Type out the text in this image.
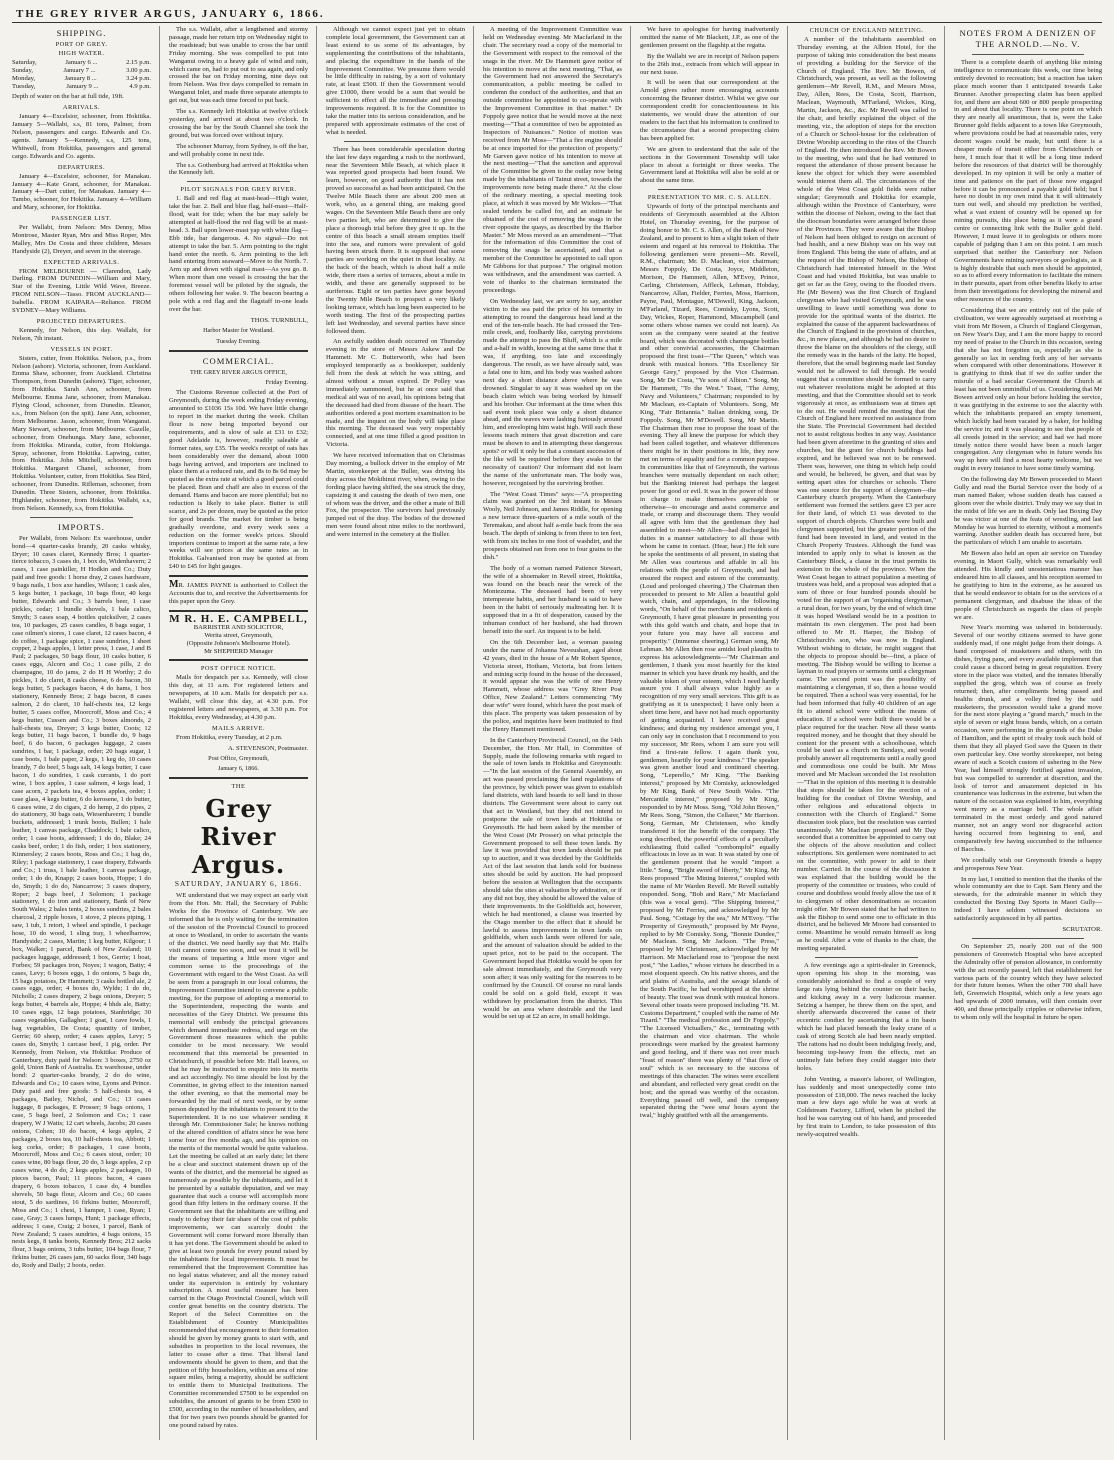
THE GREY RIVER ARGUS, JANUARY 6, 1866.
SHIPPING.
PORT OF GREY.
HIGH WATER.
Saturday,	January 6 ...	2.15 p.m.
Sunday,	January 7 ...	3.00 p.m.
Monday,	January 8 ...	3.24 p.m.
Tuesday,	January 9 ...	4.9 p.m.

Depth of water on the bar at full tide, 19ft.

ARRIVALS.

January 4—Excelsior, schooner, from Hokitika. January 5—Wallabi, s.s, 81 tons, Palmer, from Nelson, passengers and cargo. Edwards and Co. agents. January 5—Kennedy, s.s, 125 tons, Whitwell, from Hokitika, passengers and general cargo. Edwards and Co. agents.

DEPARTURES.

January 4—Excelsior, schooner, for Manakau. January 4—Kate Grant, schooner, for Manakau. January 4—Dart cutter, for Manakau. January 4—Tambo, schooner, for Hokitika. January 4—William and Mary, schooner, for Hokitika.

PASSENGER LIST.

Per Wallabi, from Nelson: Mrs Denny, Miss Montrose, Master Ryan, Mrs and Miss Roper, Mrs Malley, Mrs De Costa and three children, Messrs Handyside (2), Dreyer, and seven in the steerage.

EXPECTED ARRIVALS.

FROM MELBOURNE — Clarendon, Lady Darling. FROM DUNEDIN—William and Mary, Star of the Evening, Little Wild Wave, Breeze. FROM NELSON—Tasso. FROM AUCKLAND—Isabella. FROM KAIPARA—Reliance. FROM SYDNEY—Mary Williams.

PROJECTED DEPARTURES.

Kennedy, for Nelson, this day. Wallabi, for Nelson, 7th instant.

VESSELS IN PORT.

Sisters, cutter, from Hokitika. Nelson, p.s., from Nelson (ashore). Victoria, schooner, from Auckland. Emma Shaw, schooner, from Auckland. Christina Thompson, from Dunedin (ashore). Tiger, schooner, from Hokitika. Sarah Ann, schooner, from Melbourne. Emma Jane, schooner, from Manakau. Flying Cloud, schooner, from Dunedin. Eleanor, s.s., from Nelson (on the spit). Jane Ann, schooner, from Melbourne. Jason, schooner, from Wanganui. Mary Stewart, schooner, from Melbourne. Gazelle, schooner, from Onehunga. Mary Jane, schooner, from Hokitika. Miranda, cutter, from Hokianga. Spray, schooner, from Hokitika. Lapwing, cutter, from Hokitika. John Mitchell, schooner, from Hokitika. Margaret Chanel, schooner, from Hokitika. Volunteer, cutter, from Hokitika. Sea Bird, schooner, from Dunedin. Rifleman, schooner, from Dunedin. Three Sisters, schooner, from Hokitika. Highlander, schooner, from Hokitika. Wallabi, s.s, from Nelson. Kennedy, s.s, from Hokitika.

IMPORTS.

Per Wallabi, from Nelson: Ex warehouse, under bond—4 quarter-casks brandy, 20 casks whisky, Dryer; 10 cases claret, Kennedy Bros; 1 quarter-tierce tobacco, 3 cases do, 1 box do, Widenhavern; 2 cases, 1 case painkiller, H Hodkin and Co.; Duty paid and free goods: 1 horse dray, 2 cases hardware, 9 bags nails, 1 box axe handles, Wilson; 1 cask ales, 5 kegs butter, 1 package, 10 bags flour, 40 kegs butter, Edwards and Co.; 3 barrels beer, 1 case pickles, cedar; 1 bundle shovels, 1 bale calico, Smyth; 3 cases soap, 4 bottles quicksilver, 2 cases tea, 10 packages, 25 cases candles, 8 bags sugar, 1 case oilmen's stores, 1 case claret, 12 cases bacon, 4 do coffee, 1 package spice, 1 case sundries, 1 sheet copper, 2 bags apples, 1 letter press, 1 case, J and B Paul; 2 packages, 50 bags flour, 10 casks butter, 6 cases eggs, Alcorn and Co.; 1 case pills, 2 do champagne, 10 do jams, 2 do H H Worthy; 2 do pickles, 1 do claret, 8 casks cheese, 6 do bacon, 30 kegs butter, 5 packages bacon, 4 do hams, 1 box stationery, Kennedy Bros; 2 bags bacon, 8 cases salmon, 2 do claret, 10 half-chests tea, 12 kegs butter, 5 cases coffee, Moorcroff, Moss and Co.; 4 kegs butter, Cussen and Co.; 3 boxes almonds, 2 half-chests tea, Dreyer; 3 kegs butter, Coots; 12 kegs butter, 11 bags bacon, 1 bundle do, 9 bags beef, 6 do bacon, 6 packages luggage, 2 cases sundries, 1 bar, 1 package, order; 20 bags sugar, 1 case boots, 1 bale paper, 2 kegs, 1 keg do, 10 cases brandy, 7 do beef, 5 bags salt, 14 kegs butter, 1 case bacon, 1 do sundries, 1 cask currants, 1 do port wine, 1 box apples, 1 case salmon, 4 kegs lead, 1 case acorn, 2 packets tea, 4 boxes apples, order; 1 case glass, 4 kegs butter, 6 do kerosene, 1 do butter, 6 cases wine, 2 do cigars, 2 do hemp, 2 do pipes, 2 do stationery, 30 bags oats, Wiesenhavern; 1 bundle buckets, addressed; 1 trunk boots, Bullen; 1 bale leather, 1 canvas package, Chaddock; 1 bale calico, order; 1 case boots, addressed; 1 do do, Blake; 24 casks beef, order; 1 do fish, order; 1 box stationery, Kinnersley; 2 cases boots, Ross and Co.; 1 bag do, Riley; 1 package stationery, 1 case drapery, Edwards and Co.; 1 truss, 1 bale leather, 1 canvas package, order; 1 do do, Knapp; 2 cases boots, Hoppe; 1 do do, Smyth; 1 do do, Nancarrow; 3 cases drapery, Roper; 2 bags beef, J Solomon; 1 package stationery, 1 do iron and stationery, Bank of New South Wales; 2 bales tents, 2 boxes sundries, 2 bales charcoal, 2 ripple boxes, 1 stove, 2 pieces piping, 1 saw, 1 tub, 1 retort, 1 wheel and spindle, 1 package hose, 10 do wood, 1 sling tray, 1 wheelbarrow, Handyside; 2 cases, Martin; 1 keg butter, Kilgour; 1 box, Walker; 1 parcel, Bank of New Zealand; 10 packages luggage, addressed; 1 box, Gerrie; 1 boat, Forbes; 59 packages iron, Noyes; 1 wagon, Batty; 4 cases, Levy; 6 boxes eggs, 1 do onions, 5 bags do, 15 bags potatoes, Dr Hammett; 3 casks bottled ale, 2 cases eggs, order; 4 boxes do, Wylde; 1 do do, Nicholls; 2 cases drapery, 2 bags onions, Dreyer; 5 kegs butter, 4 barrels ale, Hoppe; 4 bhds ale, Batty; 10 cases eggs, 12 bags potatoes, Stanbridge; 30 cases vegetables, Gallagher; 1 goat, 1 cave fowls, 1 bag vegetables, De Costa; quantity of timber, Gerrie; 60 sheep, order; 4 cases apples, Levy; 5 cases do, Smyth; 1 carcase beef, 1 pig, order. Per Kennedy, from Nelson, via Hokitika: Produce of Canterbury, duty paid for Nelson: 3 boxes, 2750 oz gold, Union Bank of Australia. Ex warehouse, under bond: 2 quarter-casks brandy, 2 do do wine, Edwards and Co.; 10 cases wine, Lyons and Prince. Duty paid and free goods: 5 half-chests tea, 4 packages, Bailey, Nichol, and Co.; 13 cases luggage, 8 packages, E Prosser; 9 bags onions, 1 case, 5 bags beef, 2 Solomon and Co.; 1 case drapery, W J Watts; 12 cart wheels, Jacobs; 20 cases onions, Cohen; 10 do bacon, 4 kegs apples, 2 packages, 2 boxes tea, 10 half-chests tea, Abbott; 1 keg corks, order; 8 packages, 1 case boots, Moorcroff, Moss and Co.; 6 cases stout, order; 10 cases wine, 80 bags flour, 20 do, 3 kegs apples, 2 cp cases wine, 4 do do, 2 kegs apples, 2 packages, 10 pieces bacon, Paul; 11 pieces bacon, 4 cases drapery, 6 boxes tobacco, 1 case do, 4 bundles shovels, 50 bags flour, Alcorn and Co.; 60 cases stout, 5 do sardines, 16 firkins butter, Moorcroff, Moss and Co.; 1 chest, 1 hamper, 1 case, Ryan; 1 case, Gray; 3 cases lumps, Hunt; 1 package effects, address; 1 case, Craig; 2 boxes, 1 parcel, Bank of New Zealand; 5 cases sundries, 4 bags onions, 15 nests kegs, 8 tanks boots, Kennedy Bros; 212 sacks flour, 3 bags onions, 3 tubs butter, 104 bags flour, 7 firkins butter, 26 cases jam, 60 sacks flour, 340 bags do, Rody and Daily; 2 boots, order.

The s.s. Wallabi, after a lengthened and stormy passage, made her return trip on Wednesday night to the roadstead; but was unable to cross the bar until Friday morning. She was compelled to put into Wanganui owing to a heavy gale of wind and rain, which came on, had to put out to sea again, and only crossed the bar on Friday morning, nine days out from Nelson. Was five days compelled to remain in Wanganui Inlet, and made three separate attempts to get out, but was each time forced to put back.

The s.s. Kennedy left Hokitika at twelve o'clock yesterday, and arrived at about two o'clock. In crossing the bar by the South Channel she took the ground, but was forced over without injury.

The schooner Murray, from Sydney, is off the bar, and will probably come in next tide.

The s.s. Gothenburg had arrived at Hokitika when the Kennedy left.

PILOT SIGNALS FOR GREY RIVER.

1. Ball and red flag at mast-head—High water, take the bar. 2. Ball and blue flag, half-mast—Half-flood, wait for tide; when the bar may safely be attempted at half-flood the red flag will be at mast-head. 3. Ball upon lower-mast yap with white flag—Ebb tide, bar dangerous. 4. No signal—Do not attempt to take the bar. 5. Arm pointing to the right hand enter the north. 6. Arm pointing to the left hand entering from seaward—Move to the North. 7. Arm up and down with signal mast—As you go. 8. When more than one vessel is crossing the bar the foremost vessel will be piloted by the signals, the others following her wake. 9. The beacon bearing a pole with a red flag and the flagstaff in-one leads over the bar.

THOS. TURNBULL,
Harbor Master for Westland.
Tuesday Evening.
COMMERCIAL.
THE GREY RIVER ARGUS OFFICE,
Friday Evening.

The Customs Revenue collected at the Port of Greymouth, during the week ending Friday evening, amounted to £1036 15s 10d. We have little change to report in the market during the week. Chilian flour is now being imported beyond our requirements, and is slow of sale at £31 to £32; good Adelaide is, however, readily saleable at former rates, say £35. The week's receipt of oats has been considerably over the demand, about 1000 bags having arrived, and importers are inclined to place them at a reduced rate, and 8s to 8s 6d may be quoted as the extra rate at which a good parcel could be placed. Bran and chaff are also in excess of the demand. Hams and bacon are more plentiful; but no reduction is likely to take place. Butter is still scarce, and 2s per dozen, may be quoted as the price for good brands. The market for timber is being gradually overdone, and every week sees a reduction on the former week's prices. Should importers continue to import at the same rate, a few weeks will see prices at the same rates as in Hokitika. Galvanised iron may be quoted at from £40 to £45 for light gauges.

MR. JAMES PAYNE is authorised to Collect the Accounts due to, and receive the Advertisements for this paper upon the Grey.

M R. H. E. CAMPBELL,
BARRISTER AND SOLICITOR,
Werita street, Greymouth,
(Opposite Johnson's Melbourne Hotel).
Mr SHEPHERD Manager
POST OFFICE NOTICE.

Mails for despatch per s.s. Kennedy, will close this day, at 11 a.m. For registered letters and newspapers, at 10 a.m. Mails for despatch per s.s. Wallabi, will close this day, at 4.30 p.m. For registered letters and newspapers, at 3.30 p.m. For Hokitika, every Wednesday, at 4.30 p.m.

MAILS ARRIVE.

From Hokitika, every Tuesday, at 2 p.m.

A. STEVENSON, Postmaster.
Post Office, Greymouth,
January 6, 1866.
THE
Grey River Argus.
SATURDAY, JANUARY 6, 1866.

WE understand that we may expect an early visit from the Hon. Mr. Hall, the Secretary of Public Works for the Province of Canterbury. We are informed that he is only waiting for the termination of the session of the Provincial Council to proceed at once to Westland, in order to ascertain the wants of the district. We need hardly say that Mr. Hall's visit cannot come too soon, and we trust it will be the means of imparting a little more vigor and common sense to the proceedings of the Government with regard to the West Coast. As will be seen from a paragraph in our local columns, the Improvement Committee intend to convene a public meeting, for the purpose of adopting a memorial to the Superintendent, respecting the wants and necessities of the Grey District. We presume this memorial will embody the principal grievances which demand immediate redress, and urge on the Government those measures which the public consider to be most necessary. We would recommend that this memorial be presented in Christchurch, if possible before Mr. Hall leaves, so that he may be instructed to enquire into its merits and act accordingly. No time should be lost by the Committee, in giving effect to the intention named the other evening, so that the memorial may be forwarded by the mail of next week, or by some person deputed by the inhabitants to present it to the Superintendent. It is no use whatever sending it through Mr. Commissioner Sale; he knows nothing of the altered condition of affairs since he was here some four or five months ago, and his opinion on the merits of the memorial would be quite valueless. Let the meeting be called at an early date; let there be a clear and succinct statement drawn up of the wants of the district, and the memorial be signed as numerously as possible by the inhabitants, and let it be presented by a suitable deputation, and we may guarantee that such a course will accomplish more good than fifty letters in the ordinary course. If the Government see that the inhabitants are willing and ready to defray their fair share of the cost of public improvements, we can scarcely doubt the Government will come forward more liberally than it has yet done. The Government should be asked to give at least two pounds for every pound raised by the inhabitants for local improvements. It must be remembered that the Improvement Committee has no legal status whatever, and all the money raised under its supervision is entirely by voluntary subscription. A most useful measure has been carried in the Otago Provincial Council, which will confer great benefits on the country districts. The Report of the Select Committee on the Establishment of Country Municipalities recommended that encouragement to their formation should be given by money grants to start with, and subsidies in proportion to the local revenues, the latter to cease after a time. That liberal land endowments should be given to them, and that the petition of fifty householders, within an area of nine square miles, being a majority, should be sufficient to entitle them to Municipal Institutions. The Committee recommended £7500 to be expended on subsidies, the amount of grants to be from £500 to £500, according to the number of householders, and that for two years two pounds should be granted for one pound raised by rates.

Although we cannot expect just yet to obtain complete local government, the Government can at least extend to us some of its advantages, by supplementing the contributions of the inhabitants, and placing the expenditure in the hands of the Improvement Committee. We presume there would be little difficulty in raising, by a sort of voluntary rate, at least £500. If then the Government would give £1000, there would be a sum that would be sufficient to effect all the immediate and pressing improvements required. It is for the Committee to take the matter into its serious consideration, and be prepared with approximate estimates of the cost of what is needed.

There has been considerable speculation during the last few days regarding a rush to the northward, near the Seventeen Mile Beach, at which place it was reported good prospects had been found. We learn, however, on good authority that it has not proved so successful as had been anticipated. On the Twelve Mile Beach there are about 200 men at work, who, as a general thing, are making good wages. On the Seventeen Mile Beach there are only two parties left, who are determined to give the place a thorough trial before they give it up. In the centre of this beach a small stream empties itself into the sea, and rumors were prevalent of gold having been struck there. It is supposed that some parties are working on the quiet in that locality. At the back of the beach, which is about half a mile wide, there rises a series of terraces, about a mile in width, and these are generally supposed to be auriferous. Eight or ten parties have gone beyond the Twenty Mile Beach to prospect a very likely looking terrace, which has long been suspected to be worth testing. The first of the prospecting parties left last Wednesday, and several parties have since followed them.

An awfully sudden death occurred on Thursday evening in the store of Messrs Askew and De Hammett. Mr C. Butterworth, who had been employed temporarily as a bookkeeper, suddenly fell from the desk at which he was sitting, and almost without a moan expired. Dr Polley was immediately summoned, but he at once said that medical aid was of no avail, his opinions being that the deceased had died from disease of the heart. The authorities ordered a post mortem examination to be made, and the inquest on the body will take place this morning. The deceased was very respectably connected, and at one time filled a good position in Victoria.

We have received information that on Christmas Day morning, a bullock driver in the employ of Mr Martin, storekeeper at the Buller, was driving his dray across the Mokihinui river, when, owing to the fording place having shifted, the sea struck the dray, capsizing it and causing the death of two men, one of whom was the driver, and the other a mate of Bill Fox, the prospector. The survivors had previously jumped out of the dray. The bodies of the drowned men were found about nine miles to the northward, and were interred in the cemetery at the Buller.

A meeting of the Improvement Committee was held on Wednesday evening. Mr Macfarland in the chair. The secretary read a copy of the memorial to the Government with respect to the removal of the snags in the river. Mr De Hammett gave notice of his intention to move at the next meeting, "That, as the Government had not answered the Secretary's communication, a public meeting be called to condemn the conduct of the authorities, and that an outside committee be appointed to co-operate with the Improvement Committee in that matter." Dr Foppoly gave notice that he would move at the next meeting—"That a committee of two be appointed as Inspectors of Nuisances." Notice of motion was received from Mr Moss—"That a fire engine should be at once imported for the protection of property." Mr Garven gave notice of his intention to move at the next meeting—"That the sanction and approval of the Committee be given to the outlay now being made by the inhabitants of Tainui street, towards the improvements now being made there." At the close of the ordinary meeting, a special meeting took place, at which it was moved by Mr Wickes—"That sealed tenders be called for, and an estimate be obtained of the cost of removing the snags in the river opposite the quays, as described by the Harbor Master." Mr Moss moved as an amendment—"That for the information of this Committee the cost of removing the snags be ascertained, and that a member of the Committee be appointed to call upon Mr Gibbons for that purpose." The original motion was withdrawn, and the amendment was carried. A vote of thanks to the chairman terminated the proceedings.

On Wednesday last, we are sorry to say, another victim to the sea paid the price of his temerity in attempting to round the dangerous head land at the end of the ten-mile beach. He had crossed the Ten-mile creek, and, foolhardy like, carrying provisions made the attempt to pass the Bluff, which is a mile and a-half in width, knowing at the same time that it was, if anything, too late and exceedingly dangerous. The result, as we have already said, was a fatal one to him, and his body was washed ashore next day a short distance above where he was drowned. Singular to say it was washed up on the beach claim which was being worked by himself and his brother. Our informant at the time when this sad event took place was only a short distance ahead, and the waves were lashing furiously around him, and enveloping him waist high. Will such these lessons teach miners that great discretion and care must be shown to and in attempting these dangerous spots? or will it only be that a constant succession of the like will be required before they awake to the necessity of caution? Our informant did not learn the name of the unfortunate man. The body was, however, recognised by the surviving brother.

The "West Coast Times" says:—"A prospecting claim was granted on the 3rd instant to Messrs Wooly, Neil Johnson, and James Riddle, for opening a new terrace three-quarters of a mile south of the Teremakau, and about half a-mile back from the sea beach. The depth of sinking is from three to ten feet, with from six inches to one foot of washdirt, and the prospects obtained ran from one to four grains to the dish."

The body of a woman named Patience Stewart, the wife of a shoemaker in Revell street, Hokitika, was found on the beach near the wreck of the Montezuma. The deceased had been of very intemperate habits, and her husband is said to have been in the habit of seriously maltreating her. It is supposed that in a fit of desperation, caused by the inhuman conduct of her husband, she had thrown herself into the surf. An inquest is to be held.

On the 6th December last, a woman passing under the name of Johanna Neveushan, aged about 42 years, died in the house of a Mr Robert Spence, Victoria street, Hotham, Victoria, but from letters and mining scrip found in the house of the deceased, it would appear she was the wife of one Henry Hammett, whose address was "Grey River Post Office, New Zealand." Letters commencing "My dear wife" were found, which have the post mark of this place. The property was taken possession of by the police, and inquiries have been instituted to find the Henry Hammett mentioned.

In the Canterbury Provincial Council, on the 14th December, the Hon. Mr Hall, in Committee of Supply, made the following remarks with regard to the sale of town lands in Hokitika and Greymouth:—"In the last session of the General Assembly, an act was passed proclaiming the land regulations of the province, by which power was given to establish land districts, with land boards to sell land in those districts. The Government were about to carry out that act in Westland, but they did not intend to postpone the sale of town lands at Hokitika or Greymouth. He had been asked by the member of the West Coast (Mr Prosser) on what principle the Government proposed to sell these town lands. By law it was provided that town lands should be put up to auction, and it was decided by the Goldfields Act of the last session that lands sold for business sites should be sold by auction. He had proposed before the session at Wellington that the occupants should take the sites at valuation by arbitration, or if any did not buy, they should be allowed the value of their improvements. In the Goldfields act, however, which he had mentioned, a clause was inserted by the Otago member to the effect that it should be lawful to assess improvements in town lands on goldfields, when such lands were offered for sale, and the amount of valuation should be added to the upset price, not to be paid to the occupant. The Government hoped that Hokitika would be open for sale almost immediately, and the Greymouth very soon after; it was only waiting for the reserves to be confirmed by the Council. Of course no rural lands could be sold on a gold field, except it was withdrawn by proclamation from the district. This would be an area where desirable and the land would be set up at £2 an acre, in small holdings.

We have to apologise for having inadvertently omitted the name of Mr Blackett, J.P., as one of the gentlemen present on the flagship at the regatta.

By the Wallabi we are in receipt of Nelson papers to the 26th inst., extracts from which will appear in our next issue.

It will be seen that our correspondent at the Arnold gives rather more encouraging accounts concerning the Brunner district. Whilst we give our correspondent credit for conscientiousness in his statements, we would draw the attention of our readers to the fact that his information is confined to the circumstance that a second prospecting claim has been applied for.

We are given to understand that the sale of the sections in the Government Township will take place in about a fortnight or three weeks. The Government land at Hokitika will also be sold at or about the same time.

PRESENTATION TO MR. C. S. ALLEN.

Upwards of forty of the principal merchants and residents of Greymouth assembled at the Albion Hotel, on Thursday evening, for the purpose of doing honor to Mr. C. S. Allen, of the Bank of New Zealand, and to present to him a slight token of their esteem and regard at his removal to Hokitika. The following gentlemen were present—Mr. Revell, R.M., chairman; Mr. D. Maclean, vice chairman; Messrs Foppoly, De Costa, Joyce, Middleton, Morison, De Hammett, Allen, M'Evoy, Prince, Carling, Christensen, Affleck, Lehman, Hobday, Nancarrow, Allan, Fielder, Ferries, Moss, Harrison, Payne, Paul, Montague, M'Dowell, King, Jackson, M'Farland, Tizard, Rees, Comisky, Lyons, Scott, Day, Wickes, Roper, Hammond, Miscampbell (and some others whose names we could not learn). As soon as the company were seated at the festive board, which was decorated with champagne bottles and other convivial accessories, the Chairman proposed the first toast—"The Queen," which was drunk with musical honors. "His Excellency Sir George Grey," proposed by the Vice Chairman. Song, Mr De Costa, "Ye sons of Albion." Song, Mr De Hammett, "To the West." Toast, "The Army, Navy and Volunteers," Chairman; responded to by Mr Maclean, ex-Captain of Volunteers. Song, Mr King, "Fair Britannia." Italian drinking song, Dr Foppoly. Song, Mr M'Dowell. Song, Mr Martin. The Chairman then rose to propose the toast of the evening. They all knew the purpose for which they had been called together, and whatever differences there might be in their positions in life, they now met on terms of equality and for a common purpose. In communities like that of Greymouth, the various branches were mutually dependant on each other; but the Banking interest had perhaps the largest power for good or evil. It was in the power of those in charge to make themselves agreeable or otherwise—to encourage and assist commerce and trade, or cramp and discourage them. They would all agree with him that the gentleman they had assembled to meet—Mr Allen—had discharged his duties in a manner satisfactory to all those with whom he came in contact. (Hear, hear.) He felt sure he spoke the sentiments of all present, in stating that Mr Allen was courteous and affable in all his relations with the people of Greymouth, and had ensured the respect and esteem of the community. (Loud and prolonged cheering.) The Chairman then proceeded to present to Mr Allen a beautiful gold watch, chain, and appendages, in the following words, "On behalf of the merchants and residents of Greymouth, I have great pleasure in presenting you with this gold watch and chain, and hope that in your future you may have all success and prosperity." (Immense cheering.) German song, Mr Lehman. Mr Allen then rose amidst loud plaudits to express his acknowledgments—"Mr Chairman and gentlemen, I thank you most heartily for the kind manner in which you have drunk my health, and the valuable token of your esteem, which I need hardly assure you I shall always value highly as a recognition of my very small services. This gift is as gratifying as it is unexpected; I have only been a short time here, and have not had much opportunity of getting acquainted. I have received great kindness; and during my residence amongst you, I can only say in conclusion that I recommend to you my successor, Mr Rees, whom I am sure you will find a first-rate fellow. I again thank you, gentlemen, heartily for your kindness." The speaker was given another loud and continued cheering. Song, "Leperello," Mr King. "The Banking interest," proposed by Mr Comisky, acknowledged by Mr King, Bank of New South Wales. "The Mercantile interest," proposed by Mr King, responded to by Mr Moss. Song, "Old John Brown," Mr Rees. Song, "Simon, the Cellarer," Mr Harrison. Song, German, Mr Christensen, who kindly transferred it for the benefit of the company. The song described, the powerful effects of a peculiarly exhilarating fluid called "combompfol" equally efficacious in love as in war. It was stated by one of the gentlemen present that he would "import a little." Song, "Bright sword of liberty," Mr King. Mr Rees proposed "The Mining Interest," coupled with the name of Mr Warden Revell. Mr Revell suitably responded. Song, "Bob and Rare," Mr Macfarland (this was a vocal gem). "The Shipping Interest," proposed by Mr Ferries, and acknowledged by Mr Paul. Song, "Cottage by the sea," Mr M'Evoy. "The Prosperity of Greymouth," proposed by Mr Payne, replied to by Mr Comisky. Song, "Bonnie Dundee," Mr Maclean. Song, Mr Jackson. "The Press," proposed by Mr Christensen, acknowledged by Mr Harrison. Mr Macfarland rose to "propose the next post," "the Ladies," whose virtues he described in a most eloquent speech. On his native shores, and the arid plains of Australia, and the savage islands of the South Pacific, he had worshipped at the shrine of beauty. The toast was drunk with musical honors. Several other toasts were proposed including "H. M. Customs Department," coupled with the name of Mr Tizard." "The medical profession and Dr Foppoly." "The Licensed Victuallers," &c., terminating with the chairman and vice chairman. The whole proceedings were marked by the greatest harmony and good feeling, and if there was not over much "feast of reason" there was plenty of "that flow of soul" which is so necessary to the success of meetings of this character. The wines were excellent and abundant, and reflected very great credit on the host; and the spread was worthy of the occasion. Everything passed off well, and the company separated during the "wee sma' hours ayont the twal," highly gratified with all the arrangements.

CHURCH OF ENGLAND MEETING.

A number of the inhabitants assembled on Thursday evening, at the Albion Hotel, for the purpose of taking into consideration the best means of providing a building for the Service of the Church of England. The Rev. Mr Bowen, of Christchurch, was present, as well as the following gentlemen—Mr Revell, R.M., and Messrs Moss, Day, Allen, Rees, De Costa, Scott, Harrison, Maclean, Waymouth, M'Farland, Wickes, King, Martin, Jackson, &c., &c. Mr Revell was called to the chair, and briefly explained the object of the meeting, viz., the adoption of steps for the erection of a Church or School-house for the celebration of Divine Worship according to the rites of the Church of England. He then introduced the Rev. Mr Bowen to the meeting, who said that he had ventured to request the attendance of those present because he knew the object for which they were assembled would interest them all. The circumstances of the whole of the West Coast gold fields were rather singular; Greymouth and Hokitika for example, although within the Province of Canterbury, were within the diocese of Nelson, owing to the fact that the diocesan boundaries were arranged before those of the Provinces. They were aware that the Bishop of Nelson had been obliged to resign on account of bad health, and a new Bishop was on his way out from England. This being the state of affairs, and at the request of the Bishop of Nelson, the Bishop of Christchurch had interested himself in the West Coast and had visited Hokitika, but was unable to get so far as the Grey, owing to the flooded rivers. He (Mr Bowen) was the first Church of England clergyman who had visited Greymouth, and he was unwilling to leave until something was done to provide for the spiritual wants of the district. He explained the cause of the apparent backwardness of the Church of England in the provision of churches, &c., in new places, and although he had no desire to throw the blame on the shoulders of the clergy, still the remedy was in the hands of the laity. He hoped, therefore, that the small beginning made last Sunday would not be allowed to fall through. He would suggest that a committee should be formed to carry out whatever resolutions might be adopted at this meeting, and that the Committee should set to work vigorously at once, as enthusiasm was at times apt to die out. He would remind the meeting that the Church of England here received no assistance from the State. The Provincial Government had decided not to assist religious bodies in any way. Assistance had been given aforetime in the granting of sites and churches, but the grant for church buildings had expired, and he believed was not to be renewed. There was, however, one thing in which help could and would, he believed, be given, and that was by setting apart sites for churches or schools. There was one source for the support of clergymen—the Canterbury church property. When the Canterbury settlement was formed the settlers gave £3 per acre for their land, of which £1 was devoted to the support of church objects. Churches were built and clergymen supported, but the greater portion of the fund had been invested in land, and vested in the Church Property Trustees. Although the fund was intended to apply only to what is known as the Canterbury Block, a clause in the trust permits its extension to the whole of the province. When the West Coast began to attract population a meeting of trustees was held, and a proposal was adopted that a sum of three or four hundred pounds should be voted for the support of an "organising clergyman," a rural dean, for two years, by the end of which time it was hoped Westland would be in a position to maintain its own clergymen. The post had been offered to Mr H. Harper, the Bishop of Christchurch's son, who was now in England. Without wishing to dictate, he might suggest that the objects to propose should be—first, a place of meeting. The Bishop would be willing to license a layman to read prayers or sermons until a clergyman came. The second point was the possibility of maintaining a clergyman, if so, then a house would be required. Then a school was very essential, for he had been informed that fully 40 children of an age fit to attend school were without the means of education. If a school were built there would be a place required for the teacher. Now all these wants required money, and he thought that they should be content for the present with a schoolhouse, which could be used as a church on Sundays, and would probably answer all requirements until a really good and commodious one could be built. Mr Moss moved and Mr Maclean seconded the 1st resolution—"That in the opinion of this meeting it is desirable that steps should be taken for the erection of a building for the conduct of Divine Worship, and other religious and educational objects in connection with the Church of England." Some discussion took place, but the resolution was carried unanimously. Mr Maclean proposed and Mr Day seconded that a committee be appointed to carry out the objects of the above resolution and collect subscriptions. Six gentlemen were nominated to act on the committee, with power to add to their number. Carried. In the course of the discussion it was explained that the building would be the property of the committee or trustees, who could of course and doubtless would freely allow the use of it to clergymen of other denominations as occasion might offer. Mr Bowen stated that he had written to ask the Bishop to send some one to officiate in this district, and he believed Mr Moore had consented to come. Meantime he would remain himself as long as he could. After a vote of thanks to the chair, the meeting separated.

A few evenings ago a spirit-dealer in Greenock, upon opening his shop in the morning, was considerably astonished to find a couple of very large rats lying behind the counter on their backs, and kicking away in a very ludicrous manner. Seizing a hamper, he threw them on the spot, and shortly afterwards discovered the cause of their eccentric conduct by ascertaining that a tin basin which he had placed beneath the leaky crane of a cask of strong Scotch ale had been nearly emptied. The rattons had no doubt been indulging freely, and, becoming top-heavy from the effects, met an untimely fate before they could stagger into their holes.

John Venting, a mason's laborer, of Wellington, has suddenly and most unexpectedly come into possession of £18,000. The news reached the lucky man a few days ago while he was at work at Coldstream Factory, Lifford, when he pitched the hod he was carrying out of his hand, and proceeded by first train to London, to take possession of this newly-acquired wealth.

NOTES FROM A DENIZEN OF THE ARNOLD.—No. V.

There is a complete dearth of anything like mining intelligence to communicate this week, our time being entirely devoted to recreation; but a reaction has taken place much sooner than I anticipated towards Lake Brunner. Another prospecting claim has been applied for, and there are about 600 or 800 people prospecting in and about that locality. There is one point on which they are nearly all unanimous, that is, were the Lake Brunner gold fields adjacent to a town like Greymouth, where provisions could be had at reasonable rates, very decent wages could be made, but until there is a cheaper mode of transit either from Christchurch or here, I much fear that it will be a long time indeed before the resources of that district will be thoroughly developed. In my opinion it will be only a matter of time and patience on the part of those now engaged before it can be pronounced a payable gold field; but I have no doubt in my own mind that it will ultimately turn out well, and should my prediction be verified, what a vast extent of country will be opened up for mining pursuits, this place being as it were a grand centre or connecting link with the Buller gold field. However, I must leave it to geologists or others more capable of judging than I am on this point. I am much surprised that neither the Canterbury nor Nelson Governments have mining surveyors or geologists, as it is highly desirable that such men should be appointed, so as to afford every information to facilitate the miners in their pursuits, apart from other benefits likely to arise from their investigations for developing the mineral and other resources of the country.

Considering that we are entirely out of the pale of civilisation, we were agreeably surprised at receiving a visit from Mr Bowen, a Church of England Clergyman, on New Year's Day, and I am the more happy to record my need of praise to the Church in this occasion, seeing that she has not forgotten us, especially as she is generally so lax in sending forth any of her servants when compared with other denominations. However it is gratifying to think that if we do suffer under the misrule of a bad secular Government the Church at least has not been unmindful of us. Considering that Mr Bowen arrived only an hour before holding the service, it was gratifying in the extreme to see the alacrity with which the inhabitants prepared an empty tenement, which luckily had been vacated by a baker, for holding the service in; and it was pleasing to see that people of all creeds joined in the service; and had we had more timely notice there would have been a much larger congregation. Any clergyman who in future wends his way up here will find a most hearty welcome, but we ought in every instance to have some timely warning.

On the following day Mr Bowen proceeded to Maori Gully and read the Burial Service over the body of a man named Baker, whose sudden death has caused a gloom over the whole district. Truly may we say that in the midst of life we are in death. Only last Boxing Day he was victor at one of the feats of wrestling, and last Monday he was hurried to eternity, without a moment's warning. Another sudden death has occurred here, but the particulars of which I am unable to ascertain.

Mr Bowen also held an open air service on Tuesday evening, in Maori Gully, which was remarkably well attended. His kindly and unostentatious manner has endeared him to all classes, and his reception seemed to be gratifying to him in the extreme, as he assured us that he would endeavor to obtain for us the services of a permanent clergyman, and disabuse the ideas of the people of Christchurch as regards the class of people we are.

New Year's morning was ushered in boisterously. Several of our worthy citizens seemed to have gone suddenly mad, if one might judge from their doings. A band composed of musketeers and others, with tin dishes, frying pans, and every available implement that could cause a discord being in great requisition. Every store in the place was visited, and the inmates liberally supplied the grog, which was of course as freely returned; then, after compliments being passed and healths drunk, and a volley fired by the said musketeers, the procession would take a grand move for the next store playing a "grand march," much in the style of seven or eight brass bands, which, on a certain occasion, were performing in the grounds of the Duke of Hamilton, and the spirit of rivalry took such hold of them that they all played God save the Queen in their own particular key. One worthy storekeeper, not being aware of such a Scotch custom of ushering in the New Year, had himself strongly fortified against invasion, but was compelled to surrender at discretion, and the look of terror and amazement depicted in his countenance was ludicrous in the extreme, but when the nature of the occasion was explained to him, everything went merry as a marriage bell. The whole affair terminated in the most orderly and good natured manner, not an angry word nor disgraceful action having occurred from beginning to end, and comparatively few having succumbed to the influence of Bacchus.

We cordially wish our Greymouth friends a happy and prosperous New Year.

In my last, I omitted to mention that the thanks of the whole community are due to Capt. Sam Henry and the stewards, for the admirable manner in which they conducted the Boxing Day Sports in Maori Gully—indeed I have seldom witnessed decisions so satisfactorily acquiesced in by all parties.

SCRUTATOR.

On September 25, nearly 200 out of the 900 pensioners of Greenwich Hospital who have accepted the Admiralty offer of pension allowance, in conformity with the act recently passed, left that establishment for various parts of the country which they have selected for their future homes. When the other 700 shall have left, Greenwich Hospital, which only a few years ago had upwards of 2000 inmates, will then contain over 400, and these principally cripples or otherwise infirm, to whom only will the hospital in future be open.
